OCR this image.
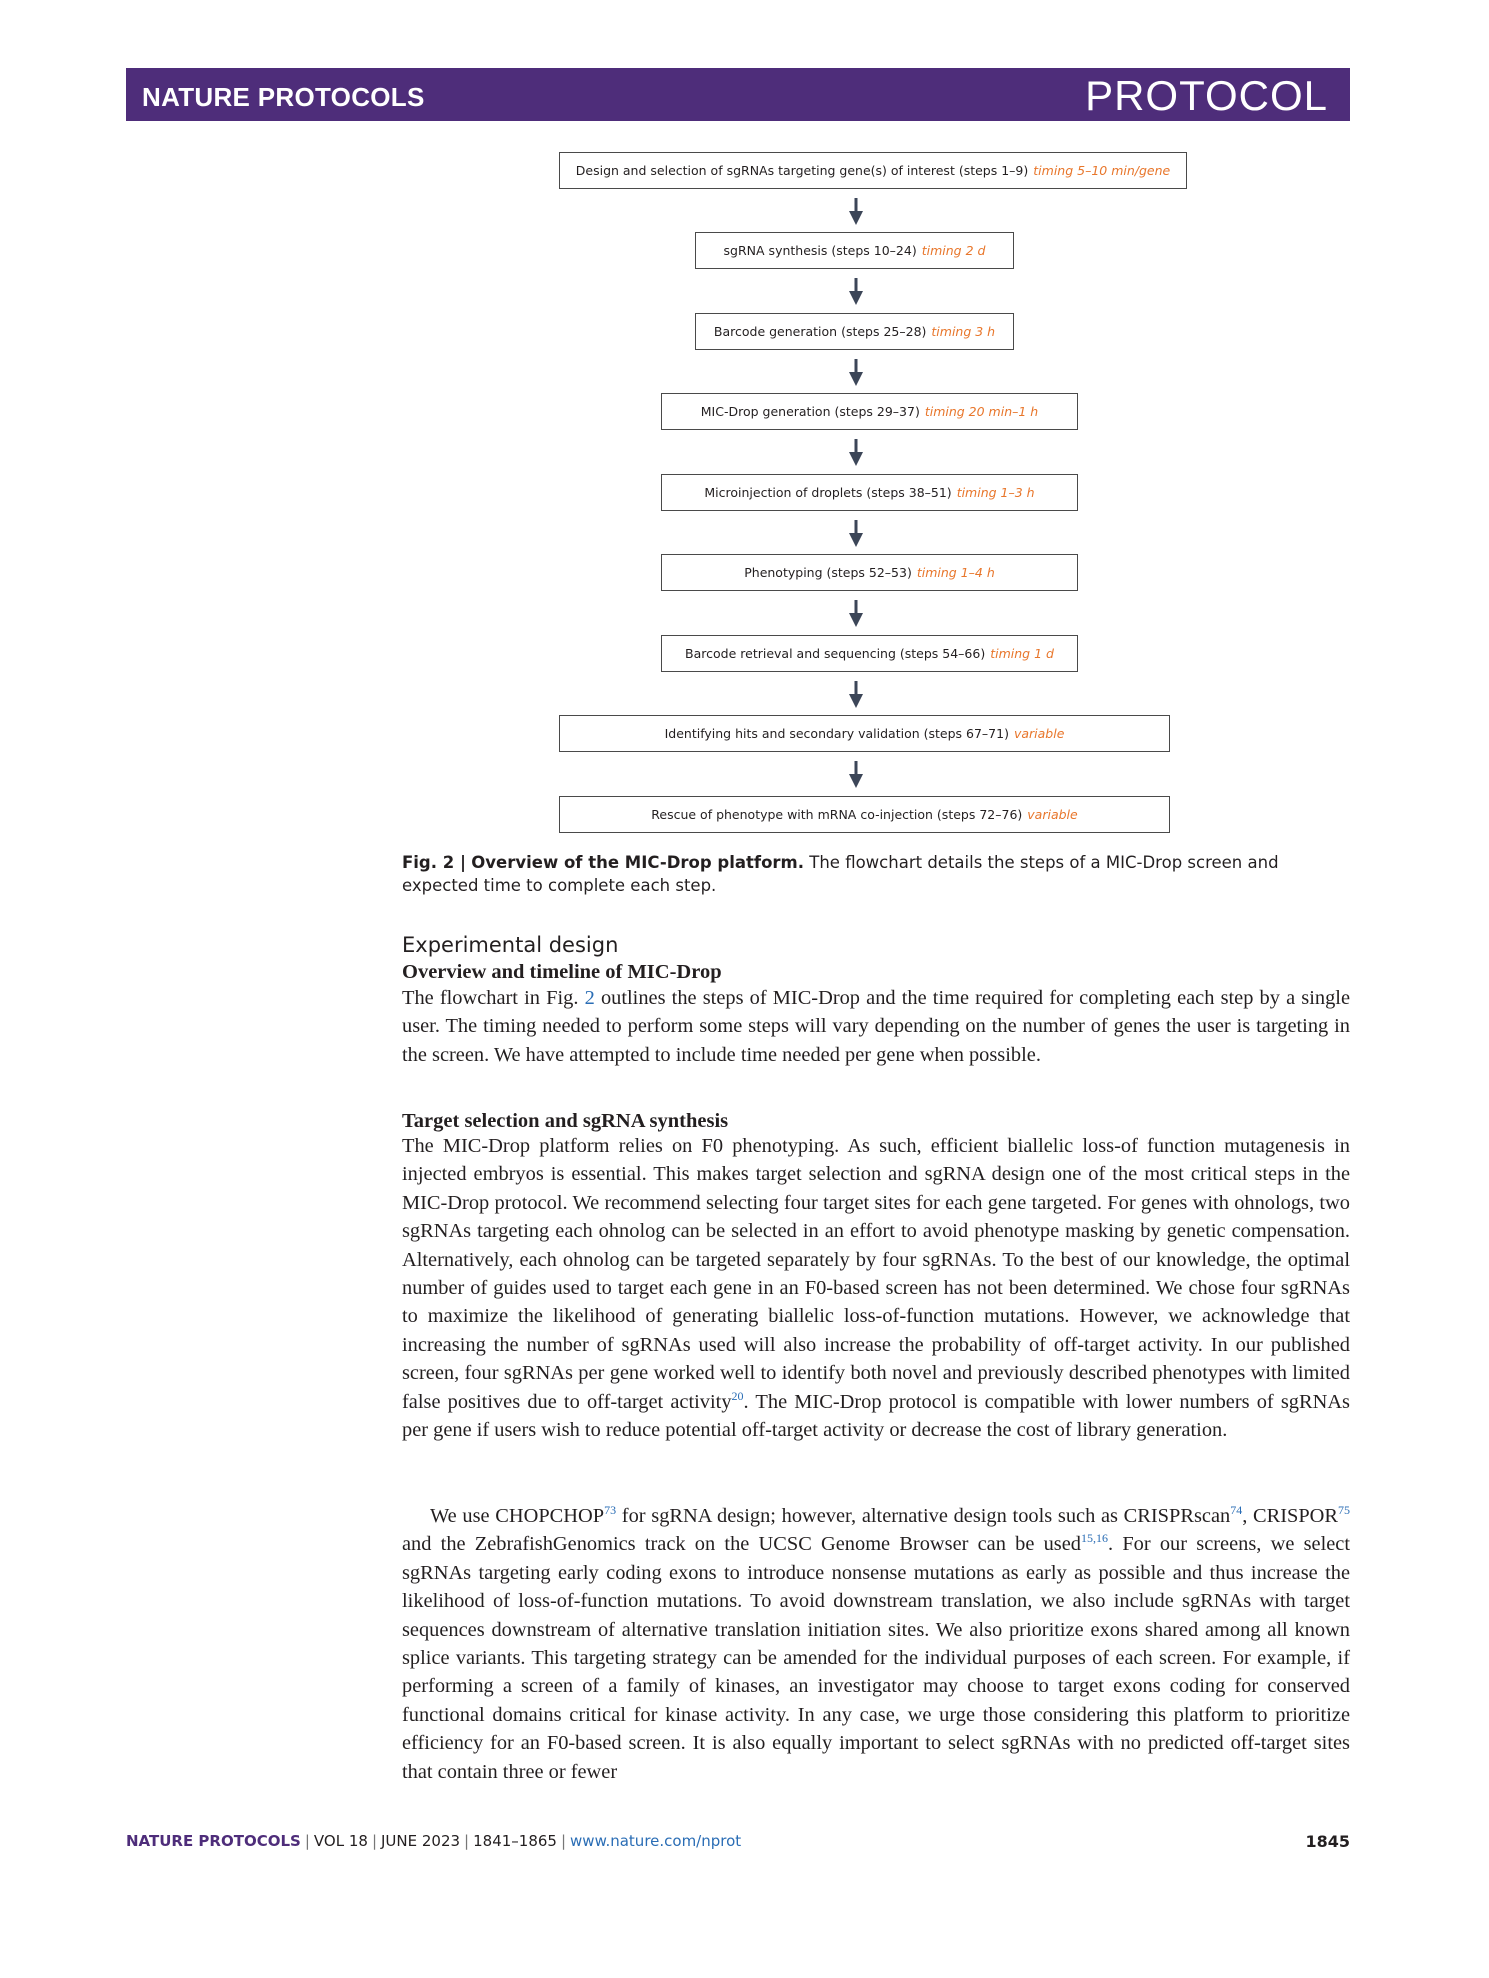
NATURE PROTOCOLS	PROTOCOL
Design and selection of sgRNAs targeting gene(s) of interest (steps 1–9) timing 5–10 min/gene
sgRNA synthesis (steps 10–24) timing 2 d
Barcode generation (steps 25–28) timing 3 h
MIC-Drop generation (steps 29–37) timing 20 min–1 h
Microinjection of droplets (steps 38–51) timing 1–3 h
Phenotyping (steps 52–53) timing 1–4 h
Barcode retrieval and sequencing (steps 54–66) timing 1 d
Identifying hits and secondary validation (steps 67–71) variable
Rescue of phenotype with mRNA co-injection (steps 72–76) variable
Fig. 2 | Overview of the MIC-Drop platform. The flowchart details the steps of a MIC-Drop screen and expected time to complete each step.
Experimental design
Overview and timeline of MIC-Drop

The flowchart in Fig. 2 outlines the steps of MIC-Drop and the time required for completing each step by a single user. The timing needed to perform some steps will vary depending on the number of genes the user is targeting in the screen. We have attempted to include time needed per gene when possible.

Target selection and sgRNA synthesis

The MIC-Drop platform relies on F0 phenotyping. As such, efficient biallelic loss-of function mutagenesis in injected embryos is essential. This makes target selection and sgRNA design one of the most critical steps in the MIC-Drop protocol. We recommend selecting four target sites for each gene targeted. For genes with ohnologs, two sgRNAs targeting each ohnolog can be selected in an effort to avoid phenotype masking by genetic compensation. Alternatively, each ohnolog can be targeted separately by four sgRNAs. To the best of our knowledge, the optimal number of guides used to target each gene in an F0-based screen has not been determined. We chose four sgRNAs to maximize the likelihood of generating biallelic loss-of-function mutations. However, we acknowledge that increasing the number of sgRNAs used will also increase the probability of off-target activity. In our published screen, four sgRNAs per gene worked well to identify both novel and previously described phenotypes with limited false positives due to off-target activity$^{20}$. The MIC-Drop protocol is compatible with lower numbers of sgRNAs per gene if users wish to reduce potential off-target activity or decrease the cost of library generation.

We use CHOPCHOP$^{73}$ for sgRNA design; however, alternative design tools such as CRISPRscan$^{74}$, CRISPOR$^{75}$ and the ZebrafishGenomics track on the UCSC Genome Browser can be used$^{15,16}$. For our screens, we select sgRNAs targeting early coding exons to introduce nonsense mutations as early as possible and thus increase the likelihood of loss-of-function mutations. To avoid downstream translation, we also include sgRNAs with target sequences downstream of alternative translation initiation sites. We also prioritize exons shared among all known splice variants. This targeting strategy can be amended for the individual purposes of each screen. For example, if performing a screen of a family of kinases, an investigator may choose to target exons coding for conserved functional domains critical for kinase activity. In any case, we urge those considering this platform to prioritize efficiency for an F0-based screen. It is also equally important to select sgRNAs with no predicted off-target sites that contain three or fewer

NATURE PROTOCOLS | VOL 18 | JUNE 2023 | 1841–1865 | www.nature.com/nprot	1845
